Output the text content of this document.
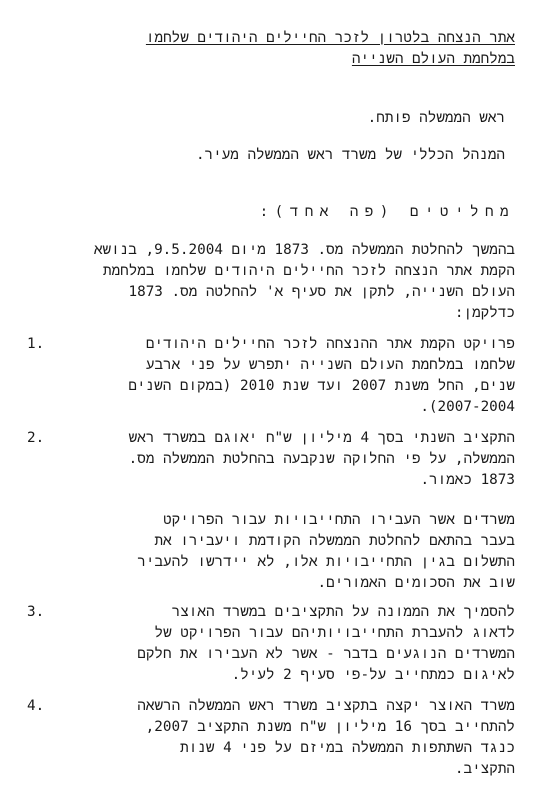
אתר הנצחה בלטרון לזכר החיילים היהודים שלחמו
במלחמת העולם השנייה
ראש הממשלה פותח.
המנהל הכללי של משרד ראש הממשלה מעיר.
מחליטים (פה אחד):
בהמשך להחלטת הממשלה מס. 1873 מיום 9.5.2004, בנושא
הקמת אתר הנצחה לזכר החיילים היהודים שלחמו במלחמת
העולם השנייה, לתקן את סעיף א' להחלטה מס. 1873
כדלקמן:
1.	פרויקט הקמת אתר ההנצחה לזכר החיילים היהודים
שלחמו במלחמת העולם השנייה יתפרש על פני ארבע
שנים, החל משנת 2007 ועד שנת 2010 (במקום השנים
2007-2004).
2.	התקציב השנתי בסך 4 מיליון ש"ח יאוגם במשרד ראש
הממשלה, על פי החלוקה שנקבעה בהחלטת הממשלה מס.
1873 כאמור.
משרדים אשר העבירו התחייבויות עבור הפרויקט
בעבר בהתאם להחלטת הממשלה הקודמת ויעבירו את
התשלום בגין התחייבויות אלו, לא יידרשו להעביר
שוב את הסכומים האמורים.
3.	להסמיך את הממונה על התקציבים במשרד האוצר
לדאוג להעברת התחייבויותיהם עבור הפרויקט של
המשרדים הנוגעים בדבר - אשר לא העבירו את חלקם
לאיגום כמתחייב על-פי סעיף 2 לעיל.
4.	משרד האוצר יקצה בתקציב משרד ראש הממשלה הרשאה
להתחייב בסך 16 מיליון ש"ח משנת התקציב 2007,
כנגד השתתפות הממשלה במיזם על פני 4 שנות
התקציב.
